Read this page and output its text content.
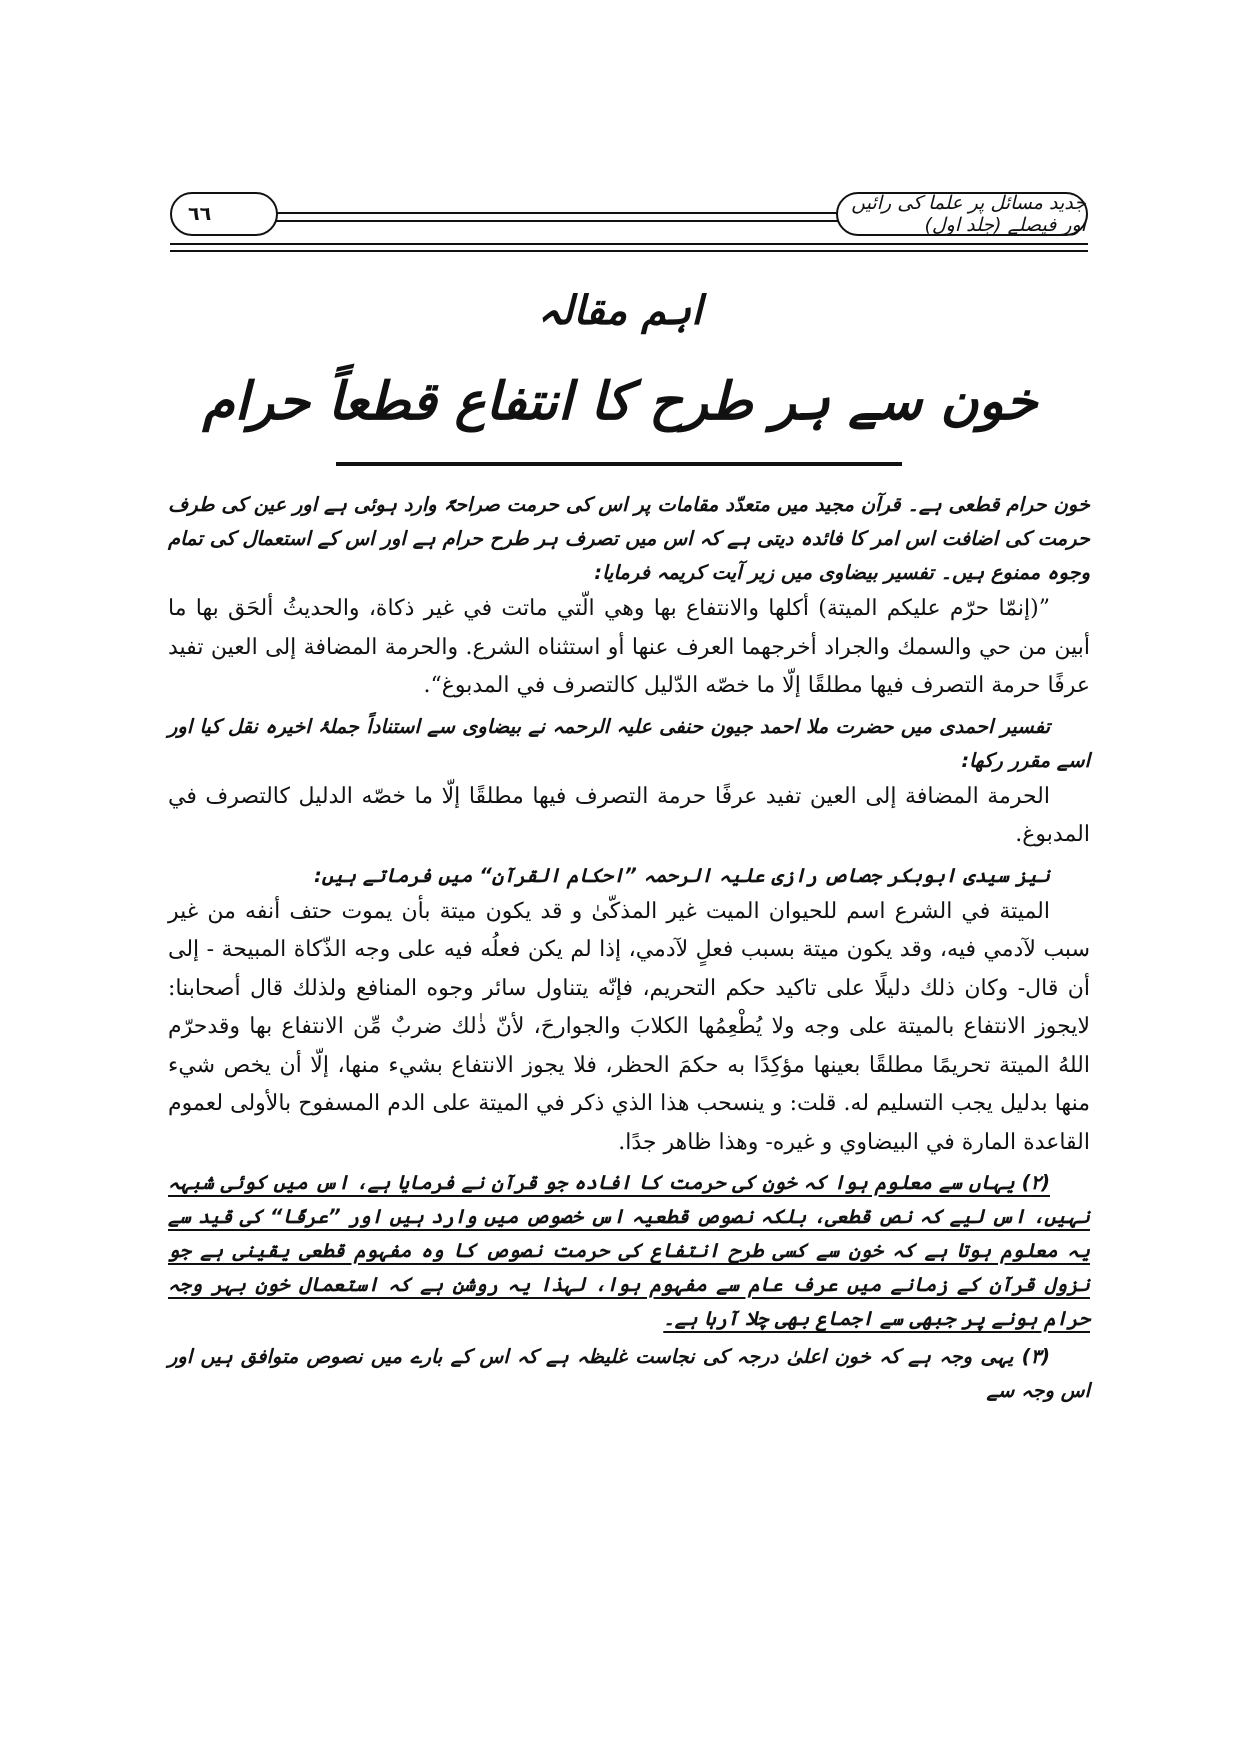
٦٦	جدید مسائل پر علما کی رائیں اور فیصلے (جلد اول)
اہم مقالہ
خون سے ہر طرح کا انتفاع قطعاً حرام

خون حرام قطعی ہے۔ قرآن مجید میں متعدّد مقامات پر اس کی حرمت صراحۃً وارد ہوئی ہے اور عین کی طرف حرمت کی اضافت اس امر کا فائدہ دیتی ہے کہ اس میں تصرف ہر طرح حرام ہے اور اس کے استعمال کی تمام وجوہ ممنوع ہیں۔ تفسیر بیضاوی میں زیر آیت کریمہ فرمایا:

”(إنمّا حرّم عليكم الميتة) أكلها والانتفاع بها وهي الّتي ماتت في غير ذكاة، والحديثُ ألحَق بها ما أبين من حي والسمك والجراد أخرجهما العرف عنها أو استثناه الشرع. والحرمة المضافة إلى العين تفيد عرفًا حرمة التصرف فيها مطلقًا إلّا ما خصّه الدّليل كالتصرف في المدبوغ“.

تفسیر احمدی میں حضرت ملا احمد جیون حنفی علیہ الرحمہ نے بیضاوی سے استناداً جملۂ اخیرہ نقل کیا اور اسے مقرر رکھا:

الحرمة المضافة إلى العين تفيد عرفًا حرمة التصرف فيها مطلقًا إلّا ما خصّه الدليل كالتصرف في المدبوغ.

نیز سیدی ابوبکر جصاص رازی علیہ الرحمہ ”احکام القرآن“ میں فرماتے ہیں:

الميتة في الشرع اسم للحيوان الميت غير المذكّىٰ و قد يكون ميتة بأن يموت حتف أنفه من غير سبب لآدمي فيه، وقد يكون ميتة بسبب فعلٍ لآدمي، إذا لم يكن فعلُه فيه على وجه الذّكاة المبيحة - إلى أن قال- وكان ذلك دليلًا على تاكيد حكم التحريم، فإنّه يتناول سائر وجوه المنافع ولذلك قال أصحابنا: لايجوز الانتفاع بالميتة على وجه ولا يُطْعِمُها الكلابَ والجوارحَ، لأنّ ذٰلك ضربٌ مِّن الانتفاع بها وقدحرّم اللهُ الميتة تحريمًا مطلقًا بعينها مؤكِدًا به حكمَ الحظر، فلا يجوز الانتفاع بشيء منها، إلّا أن يخص شيء منها بدليل يجب التسليم له. قلت: و ينسحب هذا الذي ذكر في الميتة على الدم المسفوح بالأولى لعموم القاعدة المارة في البيضاوي و غيره- وهذا ظاهر جدًا.

(۲) یہاں سے معلوم ہوا کہ خون کی حرمت کا افادہ جو قرآن نے فرمایا ہے، اس میں کوئی شبہہ نہیں، اس لیے کہ نص قطعی، بلکہ نصوص قطعیہ اس خصوص میں وارد ہیں اور ”عرفًا“ کی قید سے یہ معلوم ہوتا ہے کہ خون سے کسی طرح انتفاع کی حرمت نصوص کا وہ مفہوم قطعی یقینی ہے جو نزول قرآن کے زمانے میں عرف عام سے مفہوم ہوا، لہذا یہ روشن ہے کہ استعمال خون بہر وجہ حرام ہونے پر جبھی سے اجماع بھی چلا آرہا ہے۔

(۳) یہی وجہ ہے کہ خون اعلیٰ درجہ کی نجاست غلیظہ ہے کہ اس کے بارے میں نصوص متوافق ہیں اور اس وجہ سے
